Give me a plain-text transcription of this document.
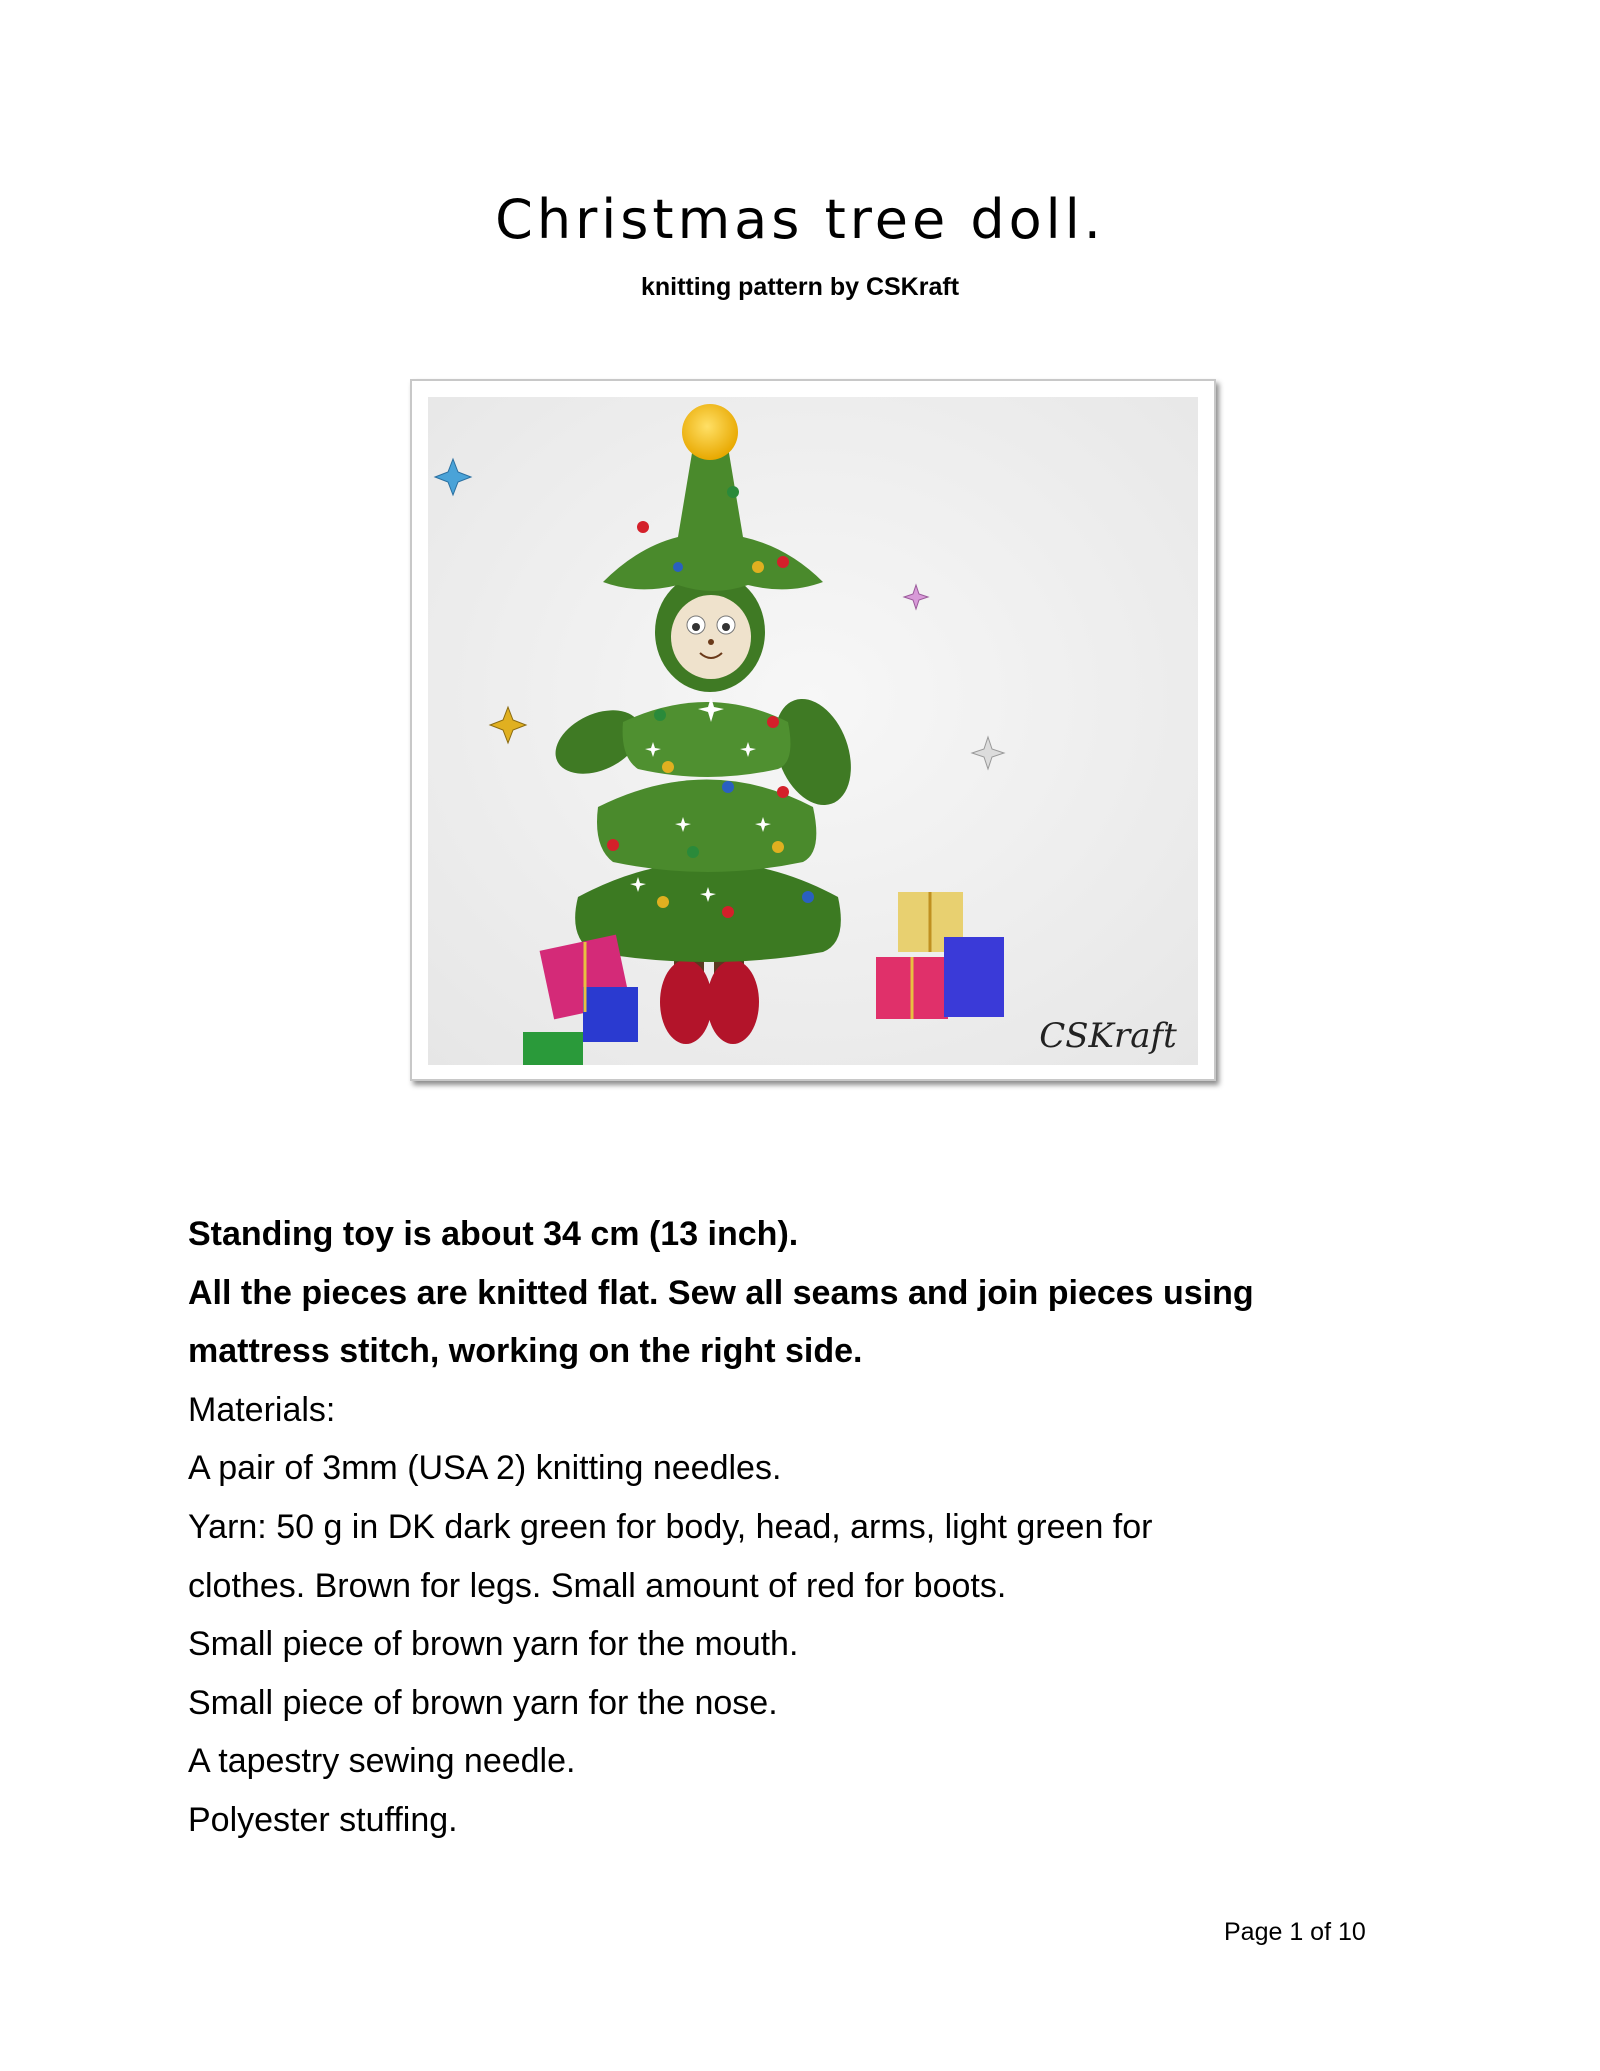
Christmas tree doll.
knitting pattern by CSKraft
CSKraft

Standing toy is about 34 cm (13 inch).

All the pieces are knitted flat. Sew all seams and join pieces using

mattress stitch, working on the right side.

Materials:

A pair of 3mm (USA 2) knitting needles.

Yarn: 50 g in DK dark green for body, head, arms, light green for

clothes. Brown for legs. Small amount of red for boots.

Small piece of brown yarn for the mouth.

Small piece of brown yarn for the nose.

A tapestry sewing needle.

Polyester stuffing.

Page 1 of 10
